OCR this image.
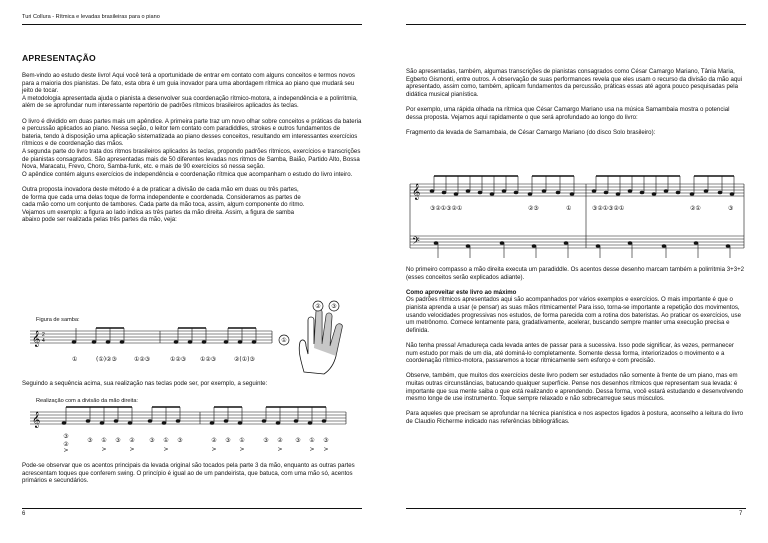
Turi Collura - Rítmica e levadas brasileiras para o piano
APRESENTAÇÃO

Bem-vindo ao estudo deste livro! Aqui você terá a oportunidade de entrar em contato com alguns conceitos e termos novos para a maioria dos pianistas. De fato, esta obra é um guia inovador para uma abordagem rítmica ao piano que mudará seu jeito de tocar.

A metodologia apresentada ajuda o pianista a desenvolver sua coordenação rítmico-motora, a independência e a polirritmia, além de se aprofundar num interessante repertório de padrões rítmicos brasileiros aplicados às teclas.

O livro é dividido em duas partes mais um apêndice. A primeira parte traz um novo olhar sobre conceitos e práticas da bateria e percussão aplicados ao piano. Nessa seção, o leitor tem contato com paradiddles, strokes e outros fundamentos de bateria, tendo à disposição uma aplicação sistematizada ao piano desses conceitos, resultando em interessantes exercícios rítmicos e de coordenação das mãos.

A segunda parte do livro trata dos ritmos brasileiros aplicados às teclas, propondo padrões rítmicos, exercícios e transcrições de pianistas consagrados. São apresentadas mais de 50 diferentes levadas nos ritmos de Samba, Baião, Partido Alto, Bossa Nova, Maracatu, Frevo, Choro, Samba-funk, etc. e mais de 90 exercícios só nessa seção.

O apêndice contém alguns exercícios de independência e coordenação rítmica que acompanham o estudo do livro inteiro.

Outra proposta inovadora deste método é a de praticar a divisão de cada mão em duas ou três partes, de forma que cada uma delas toque de forma independente e coordenada. Consideramos as partes de cada mão como um conjunto de tambores. Cada parte da mão toca, assim, algum componente do ritmo.

Vejamos um exemplo: a figura ao lado indica as três partes da mão direita. Assim, a figura de samba abaixo pode ser realizada pelas três partes da mão, veja:

Figura de samba:
𝄞 2
4
①	(①)②③	①②③	①②③ ①②③	②(①)③
①
② ③
Seguindo a sequência acima, sua realização nas teclas pode ser, por exemplo, a seguinte:
Realização com a divisão da mão direita:
𝄞
③
②
③ ① ③ ② ③ ① ③	② ③ ①	③ ② ③ ① ③
>	>	>	>	>	>	>	> >
Pode-se observar que os acentos principais da levada original são tocados pela parte 3 da mão, enquanto as outras partes acrescentam toques que conferem swing. O princípio é igual ao de um pandeirista, que batuca, com uma mão só, acentos primários e secundários.
6

São apresentadas, também, algumas transcrições de pianistas consagrados como César Camargo Mariano, Tânia Maria, Egberto Gismonti, entre outros. A observação de suas performances revela que eles usam o recurso da divisão da mão aqui apresentado, assim como, também, aplicam fundamentos da percussão, práticas essas até agora pouco pesquisadas pela didática musical pianística.

Por exemplo, uma rápida olhada na rítmica que César Camargo Mariano usa na música Samambaia mostra o potencial dessa proposta. Vejamos aqui rapidamente o que será aprofundado ao longo do livro:

Fragmento da levada de Samambaia, de César Camargo Mariano (do disco Solo brasileiro):

𝄞
𝄢
③②①③②①	②③	①	③②①③②①	②①	③

No primeiro compasso a mão direita executa um paradiddle. Os acentos desse desenho marcam também a polirritmia 3+3+2 (esses conceitos serão explicados adiante).

Como aproveitar este livro ao máximo

Os padrões rítmicos apresentados aqui são acompanhados por vários exemplos e exercícios. O mais importante é que o pianista aprenda a usar (e pensar) as suas mãos ritmicamente! Para isso, torna-se importante a repetição dos movimentos, usando velocidades progressivas nos estudos, de forma parecida com a rotina dos bateristas. Ao praticar os exercícios, use um metrônomo. Comece lentamente para, gradativamente, acelerar, buscando sempre manter uma execução precisa e definida.

Não tenha pressa! Amadureça cada levada antes de passar para a sucessiva. Isso pode significar, às vezes, permanecer num estudo por mais de um dia, até dominá-lo completamente. Somente dessa forma, interiorizados o movimento e a coordenação rítmico-motora, passaremos a tocar ritmicamente sem esforço e com precisão.

Observe, também, que muitos dos exercícios deste livro podem ser estudados não somente à frente de um piano, mas em muitas outras circunstâncias, batucando qualquer superfície. Pense nos desenhos rítmicos que representam sua levada: é importante que sua mente saiba o que está realizando e aprendendo. Dessa forma, você estará estudando e desenvolvendo mesmo longe de use instrumento. Toque sempre relaxado e não sobrecarregue seus músculos.

Para aqueles que precisam se aprofundar na técnica pianística e nos aspectos ligados à postura, aconselho a leitura do livro de Claudio Richerme indicado nas referências bibliográficas.

7
